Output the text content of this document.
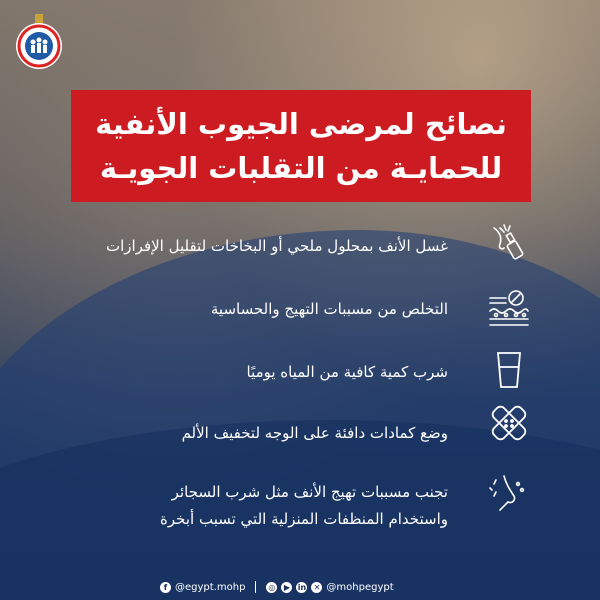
نصائح لمرضى الجيوب الأنفية
للحمايـة من التقلبات الجويـة
غسل الأنف بمحلول ملحي أو البخاخات لتقليل الإفرازات
التخلص من مسببات التهيج والحساسية
شرب كمية كافية من المياه يوميًا
وضع كمادات دافئة على الوجه لتخفيف الألم
تجنب مسببات تهيج الأنف مثل شرب السجائر
واستخدام المنظفات المنزلية التي تسبب أبخرة
f @egypt.mohp	◎	▶ in ✕ @mohpegypt
